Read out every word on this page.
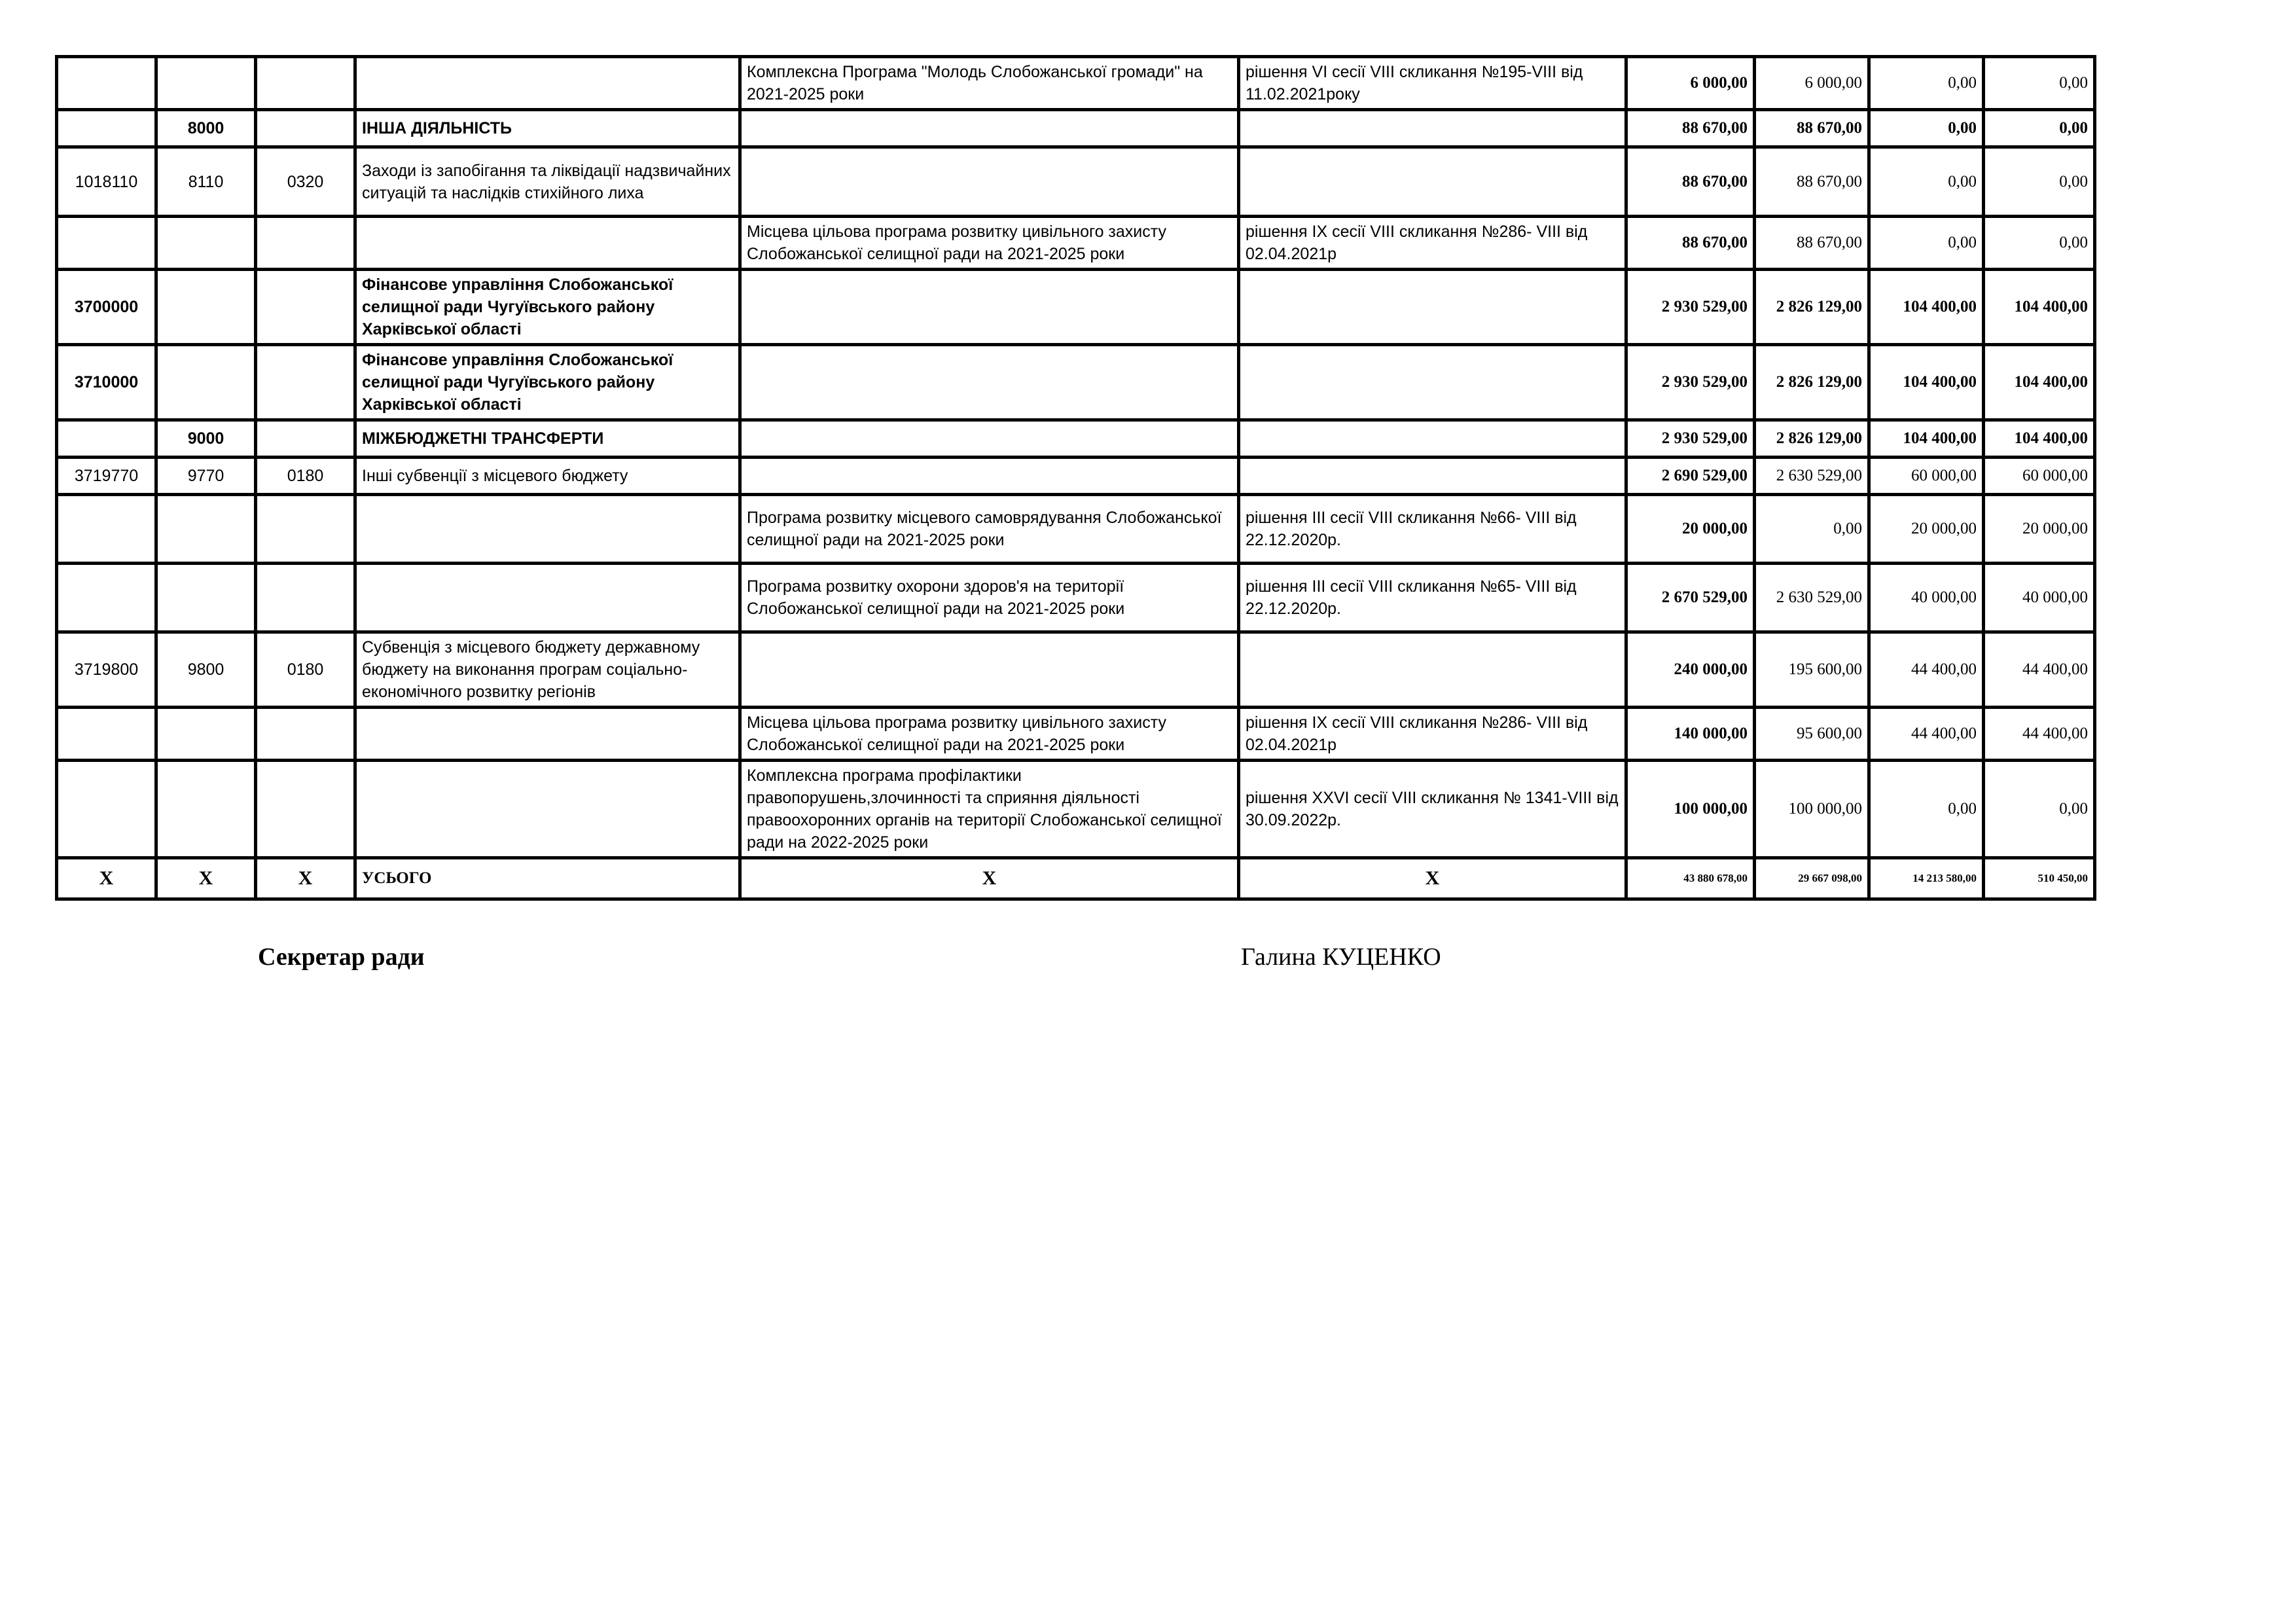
				Комплексна Програма "Молодь Слобожанської громади" на 2021-2025 роки	рішення VІ сесії VІІІ скликання №195-VІІІ від 11.02.2021року	6 000,00	6 000,00	0,00	0,00
	8000		ІНША ДІЯЛЬНІСТЬ			88 670,00	88 670,00	0,00	0,00
1018110	8110	0320	Заходи із запобігання та ліквідації надзвичайних ситуацій та наслідків стихійного лиха			88 670,00	88 670,00	0,00	0,00
				Місцева цільова програма розвитку цивільного захисту Слобожанської селищної ради на 2021-2025 роки	рішення ІХ сесії VІІІ скликання №286- VІІІ від 02.04.2021р	88 670,00	88 670,00	0,00	0,00
3700000			Фінансове управління Слобожанської селищної ради Чугуївського району Харківської області			2 930 529,00	2 826 129,00	104 400,00	104 400,00
3710000			Фінансове управління Слобожанської селищної ради Чугуївського району Харківської області			2 930 529,00	2 826 129,00	104 400,00	104 400,00
	9000		МІЖБЮДЖЕТНІ ТРАНСФЕРТИ			2 930 529,00	2 826 129,00	104 400,00	104 400,00
3719770	9770	0180	Інші субвенції з місцевого бюджету			2 690 529,00	2 630 529,00	60 000,00	60 000,00
				Програма розвитку місцевого самоврядування Слобожанської селищної ради на 2021-2025 роки	рішення ІІІ сесії VІІІ скликання №66- VІІІ від 22.12.2020р.	20 000,00	0,00	20 000,00	20 000,00
				Програма розвитку охорони здоров'я на території Слобожанської селищної ради на 2021-2025 роки	рішення ІІІ сесії VІІІ скликання №65- VІІІ від 22.12.2020р.	2 670 529,00	2 630 529,00	40 000,00	40 000,00
3719800	9800	0180	Субвенція з місцевого бюджету державному бюджету на виконання програм соціально-економічного розвитку регіонів			240 000,00	195 600,00	44 400,00	44 400,00
				Місцева цільова програма розвитку цивільного захисту Слобожанської селищної ради на 2021-2025 роки	рішення ІХ сесії VІІІ скликання №286- VІІІ від 02.04.2021р	140 000,00	95 600,00	44 400,00	44 400,00
				Комплексна програма профілактики правопорушень,злочинності та сприяння діяльності правоохоронних органів на території Слобожанської селищної ради на 2022-2025 роки	рішення ХХVІ сесії VІІІ скликання № 1341-VІІІ від 30.09.2022р.	100 000,00	100 000,00	0,00	0,00
Х	Х	Х	УСЬОГО	Х	Х	43 880 678,00	29 667 098,00	14 213 580,00	510 450,00
Секретар ради	Галина КУЦЕНКО
